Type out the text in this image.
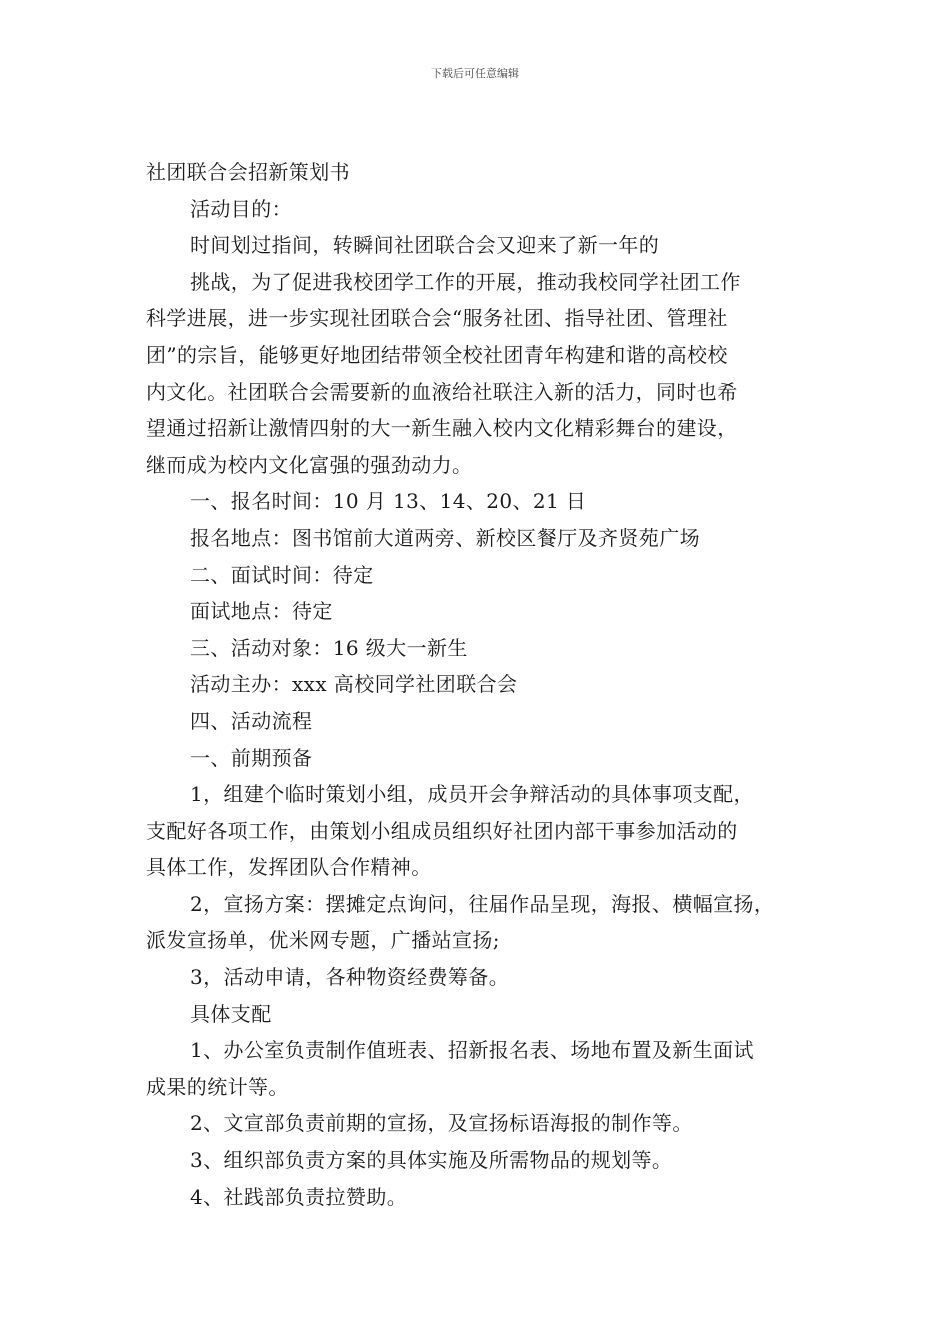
下载后可任意编辑

社团联合会招新策划书

活动目的：

时间划过指间，转瞬间社团联合会又迎来了新一年的

挑战，为了促进我校团学工作的开展，推动我校同学社团工作

科学进展，进一步实现社团联合会“服务社团、指导社团、管理社

团”的宗旨，能够更好地团结带领全校社团青年构建和谐的高校校

内文化。社团联合会需要新的血液给社联注入新的活力，同时也希

望通过招新让激情四射的大一新生融入校内文化精彩舞台的建设，

继而成为校内文化富强的强劲动力。

一、报名时间：10 月 13、14、20、21 日

报名地点：图书馆前大道两旁、新校区餐厅及齐贤苑广场

二、面试时间：待定

面试地点：待定

三、活动对象：16 级大一新生

活动主办：xxx 高校同学社团联合会

四、活动流程

一、前期预备

1，组建个临时策划小组，成员开会争辩活动的具体事项支配，

支配好各项工作，由策划小组成员组织好社团内部干事参加活动的

具体工作，发挥团队合作精神。

2，宣扬方案：摆摊定点询问，往届作品呈现，海报、横幅宣扬，

派发宣扬单，优米网专题，广播站宣扬;

3，活动申请，各种物资经费筹备。

具体支配

1、办公室负责制作值班表、招新报名表、场地布置及新生面试

成果的统计等。

2、文宣部负责前期的宣扬，及宣扬标语海报的制作等。

3、组织部负责方案的具体实施及所需物品的规划等。

4、社践部负责拉赞助。
